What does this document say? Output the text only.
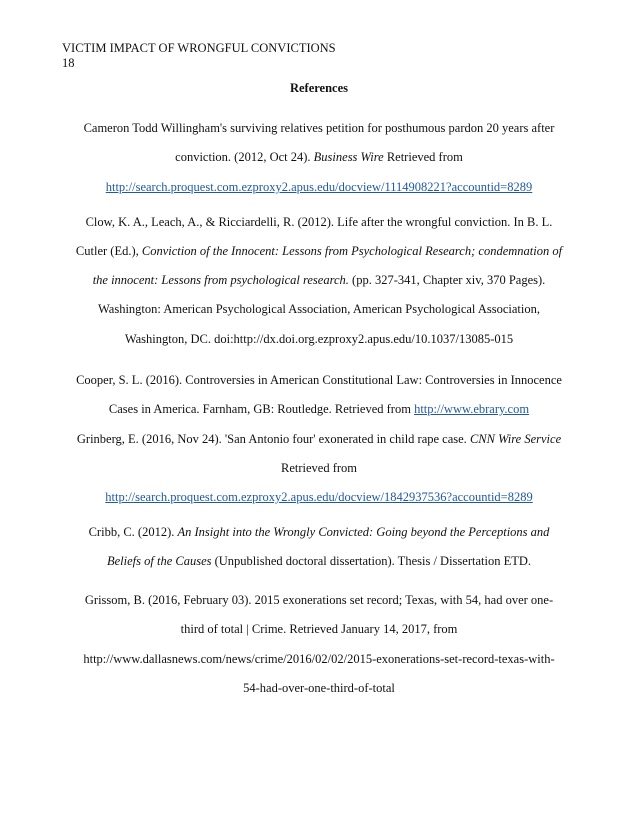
VICTIM IMPACT OF WRONGFUL CONVICTIONS
18
References
Cameron Todd Willingham's surviving relatives petition for posthumous pardon 20 years after
conviction. (2012, Oct 24). Business Wire Retrieved from
http://search.proquest.com.ezproxy2.apus.edu/docview/1114908221?accountid=8289
Clow, K. A., Leach, A., & Ricciardelli, R. (2012). Life after the wrongful conviction. In B. L.
Cutler (Ed.), Conviction of the Innocent: Lessons from Psychological Research; condemnation of
the innocent: Lessons from psychological research. (pp. 327-341, Chapter xiv, 370 Pages).
Washington: American Psychological Association, American Psychological Association,
Washington, DC. doi:http://dx.doi.org.ezproxy2.apus.edu/10.1037/13085-015
Cooper, S. L. (2016). Controversies in American Constitutional Law: Controversies in Innocence
Cases in America. Farnham, GB: Routledge. Retrieved from http://www.ebrary.com
Grinberg, E. (2016, Nov 24). 'San Antonio four' exonerated in child rape case. CNN Wire Service
Retrieved from
http://search.proquest.com.ezproxy2.apus.edu/docview/1842937536?accountid=8289
Cribb, C. (2012). An Insight into the Wrongly Convicted: Going beyond the Perceptions and
Beliefs of the Causes (Unpublished doctoral dissertation). Thesis / Dissertation ETD.
Grissom, B. (2016, February 03). 2015 exonerations set record; Texas, with 54, had over one-
third of total | Crime. Retrieved January 14, 2017, from
http://www.dallasnews.com/news/crime/2016/02/02/2015-exonerations-set-record-texas-with-
54-had-over-one-third-of-total
